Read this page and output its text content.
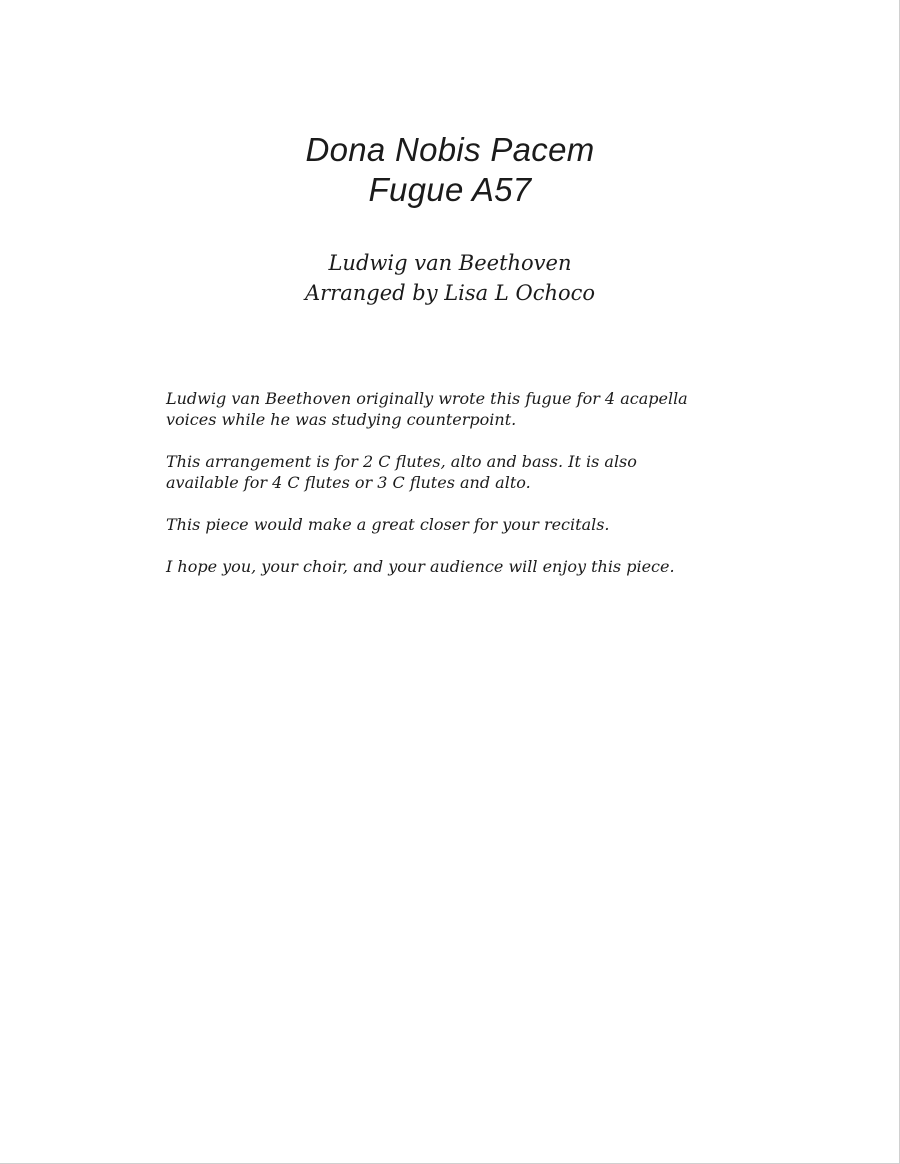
Dona Nobis Pacem
Fugue A57
Ludwig van Beethoven
Arranged by Lisa L Ochoco

Ludwig van Beethoven originally wrote this fugue for 4 acapella
voices while he was studying counterpoint.

This arrangement is for 2 C flutes, alto and bass. It is also
available for 4 C flutes or 3 C flutes and alto.

This piece would make a great closer for your recitals.

I hope you, your choir, and your audience will enjoy this piece.
